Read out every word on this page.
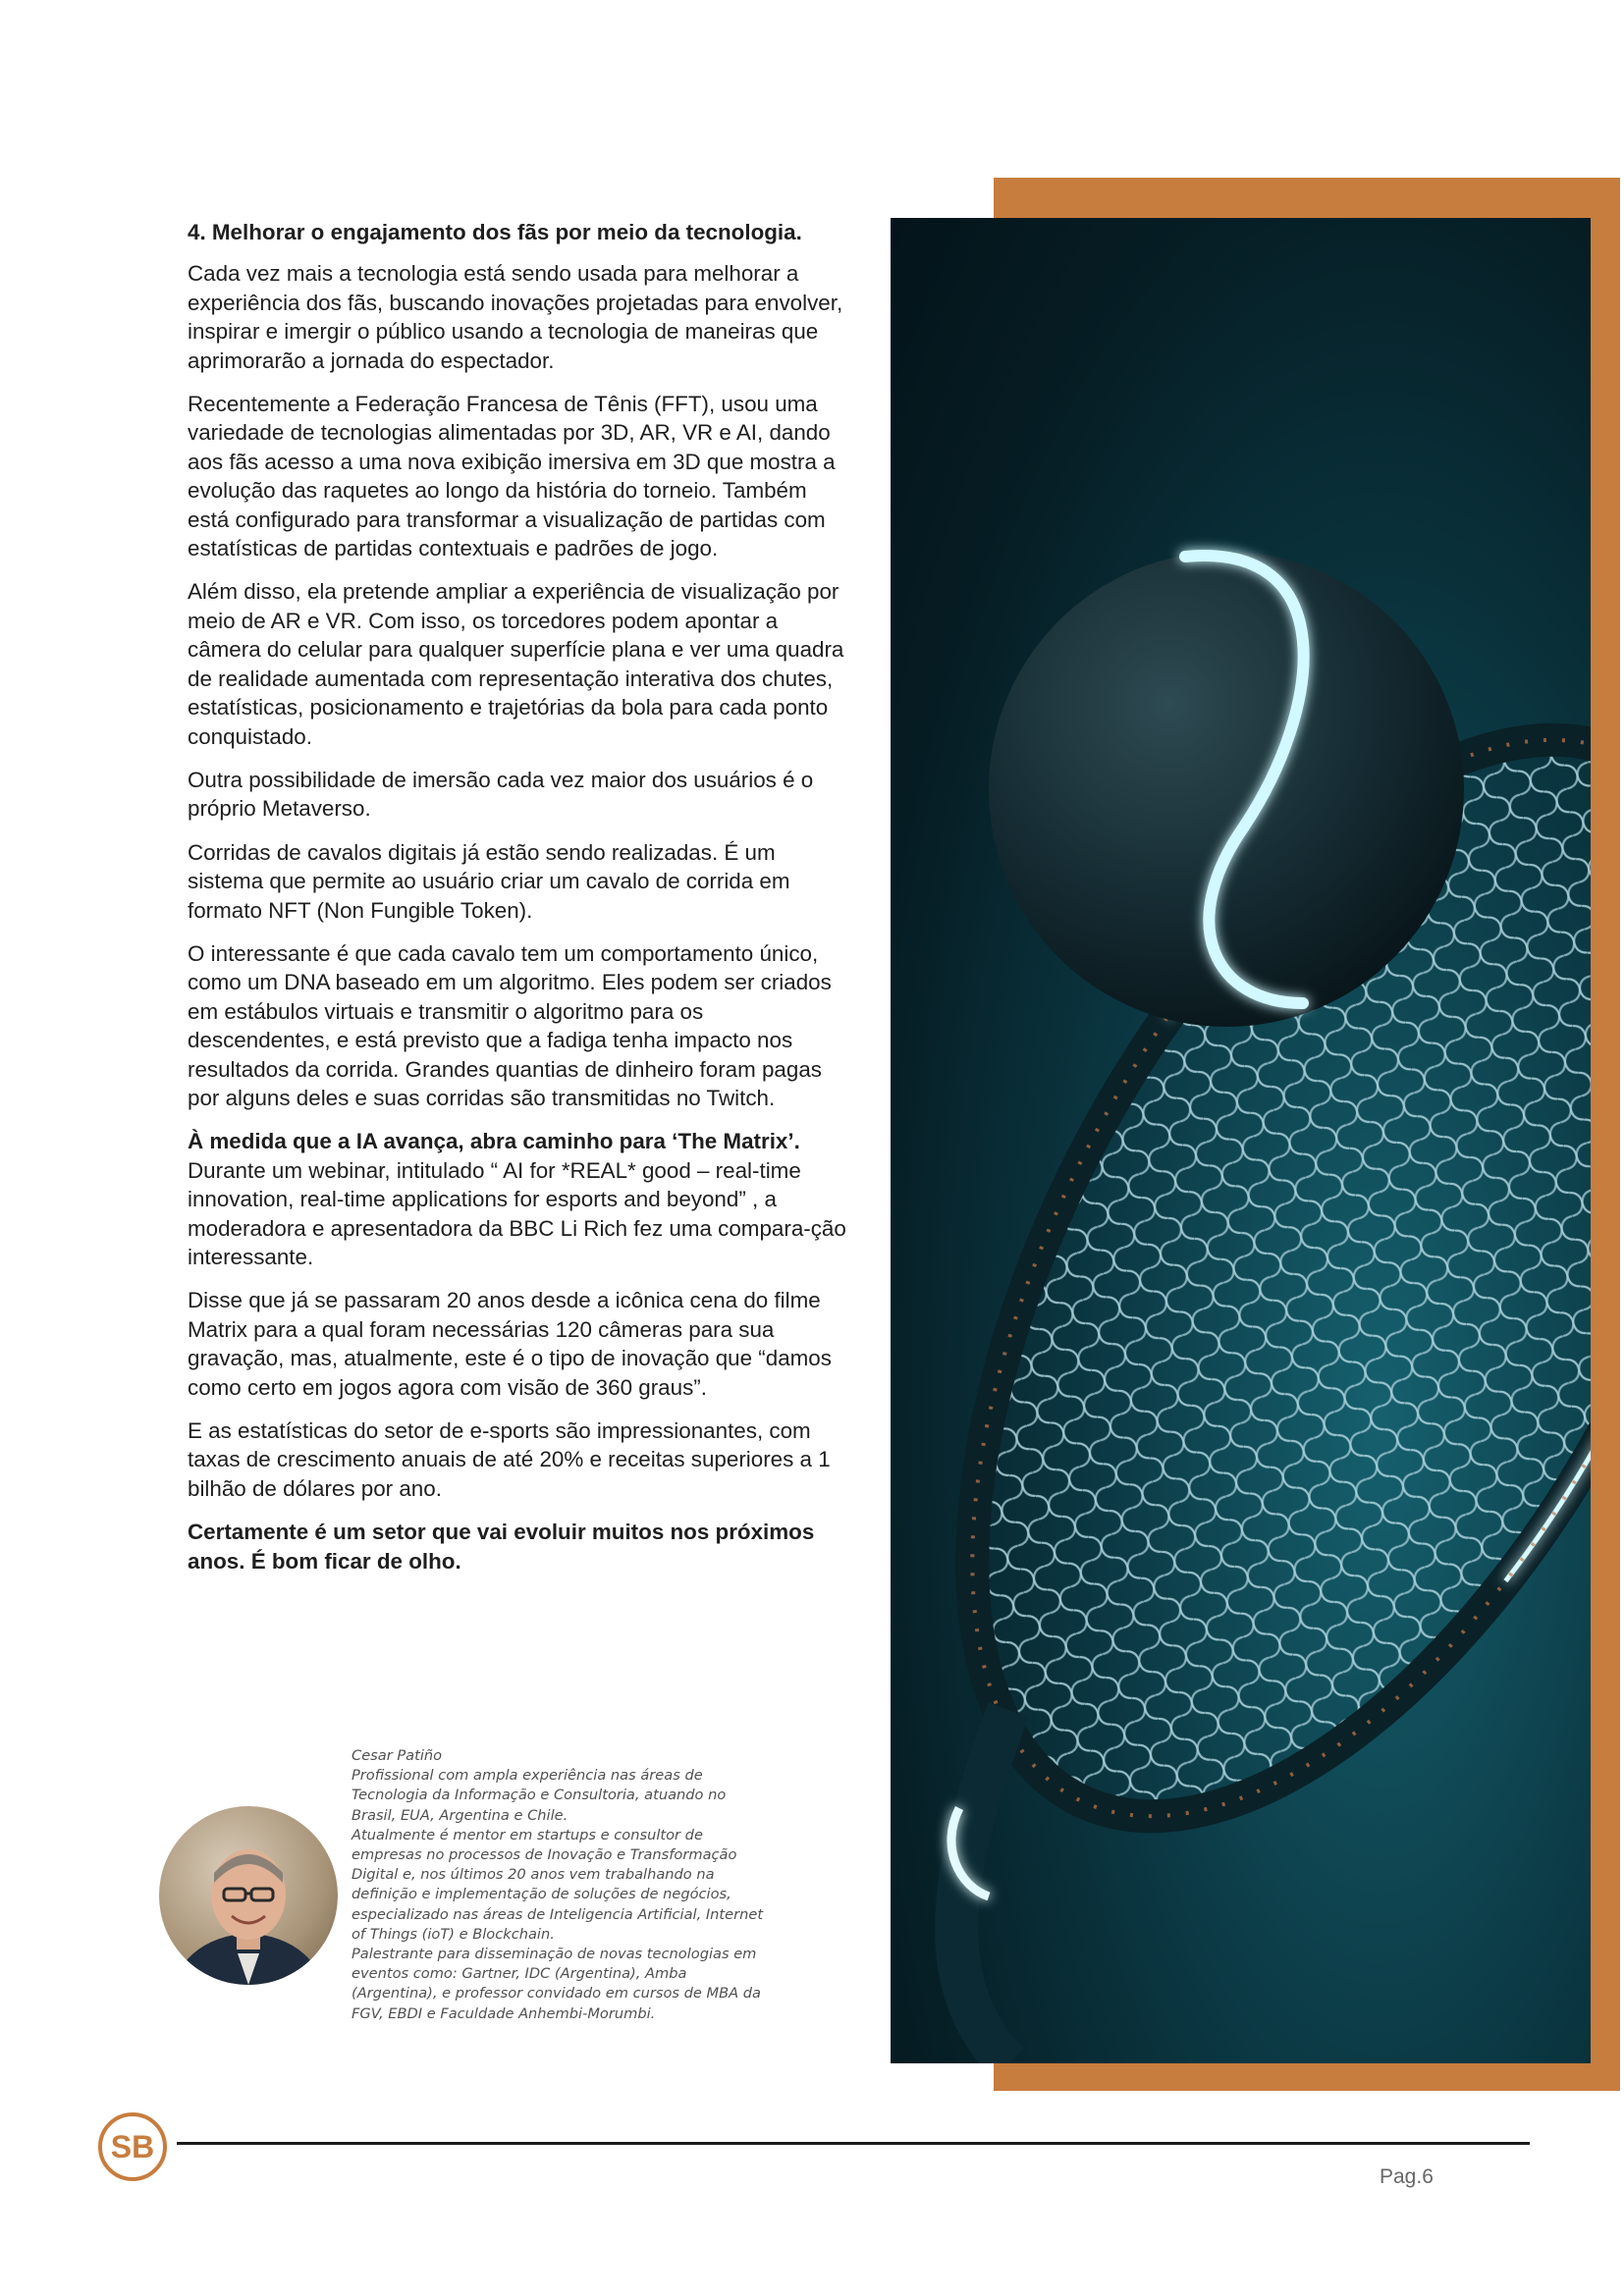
4. Melhorar o engajamento dos fãs por meio da tecnologia.

Cada vez mais a tecnologia está sendo usada para melhorar a experiência dos fãs, buscando inovações projetadas para envolver, inspirar e imergir o público usando a tecnologia de maneiras que aprimorarão a jornada do espectador.

Recentemente a Federação Francesa de Tênis (FFT), usou uma variedade de tecnologias alimentadas por 3D, AR, VR e AI, dando aos fãs acesso a uma nova exibição imersiva em 3D que mostra a evolução das raquetes ao longo da história do torneio. Também está configurado para transformar a visualização de partidas com estatísticas de partidas contextuais e padrões de jogo.

Além disso, ela pretende ampliar a experiência de visualização por meio de AR e VR. Com isso, os torcedores podem apontar a câmera do celular para qualquer superfície plana e ver uma quadra de realidade aumentada com representação interativa dos chutes, estatísticas, posicionamento e trajetórias da bola para cada ponto conquistado.

Outra possibilidade de imersão cada vez maior dos usuários é o próprio Metaverso.

Corridas de cavalos digitais já estão sendo realizadas. É um sistema que permite ao usuário criar um cavalo de corrida em formato NFT (Non Fungible Token).

O interessante é que cada cavalo tem um comportamento único, como um DNA baseado em um algoritmo. Eles podem ser criados em estábulos virtuais e transmitir o algoritmo para os descendentes, e está previsto que a fadiga tenha impacto nos resultados da corrida. Grandes quantias de dinheiro foram pagas por alguns deles e suas corridas são transmitidas no Twitch.

À medida que a IA avança, abra caminho para ‘The Matrix’.
Durante um webinar, intitulado “ AI for *REAL* good – real-time innovation, real-time applications for esports and beyond” , a moderadora e apresentadora da BBC Li Rich fez uma compara-ção interessante.

Disse que já se passaram 20 anos desde a icônica cena do filme Matrix para a qual foram necessárias 120 câmeras para sua gravação, mas, atualmente, este é o tipo de inovação que “damos como certo em jogos agora com visão de 360 graus”.

E as estatísticas do setor de e-sports são impressionantes, com taxas de crescimento anuais de até 20% e receitas superiores a 1 bilhão de dólares por ano.

Certamente é um setor que vai evoluir muitos nos próximos anos. É bom ficar de olho.

Cesar Patiño
Profissional com ampla experiência nas áreas de Tecnologia da Informação e Consultoria, atuando no Brasil, EUA, Argentina e Chile.
Atualmente é mentor em startups e consultor de empresas no processos de Inovação e Transformação Digital e, nos últimos 20 anos vem trabalhando na definição e implementação de soluções de negócios, especializado nas áreas de Inteligencia Artificial, Internet of Things (ioT) e Blockchain.
Palestrante para disseminação de novas tecnologias em eventos como: Gartner, IDC (Argentina), Amba (Argentina), e professor convidado em cursos de MBA da FGV, EBDI e Faculdade Anhembi-Morumbi.
SB
Pag.6
